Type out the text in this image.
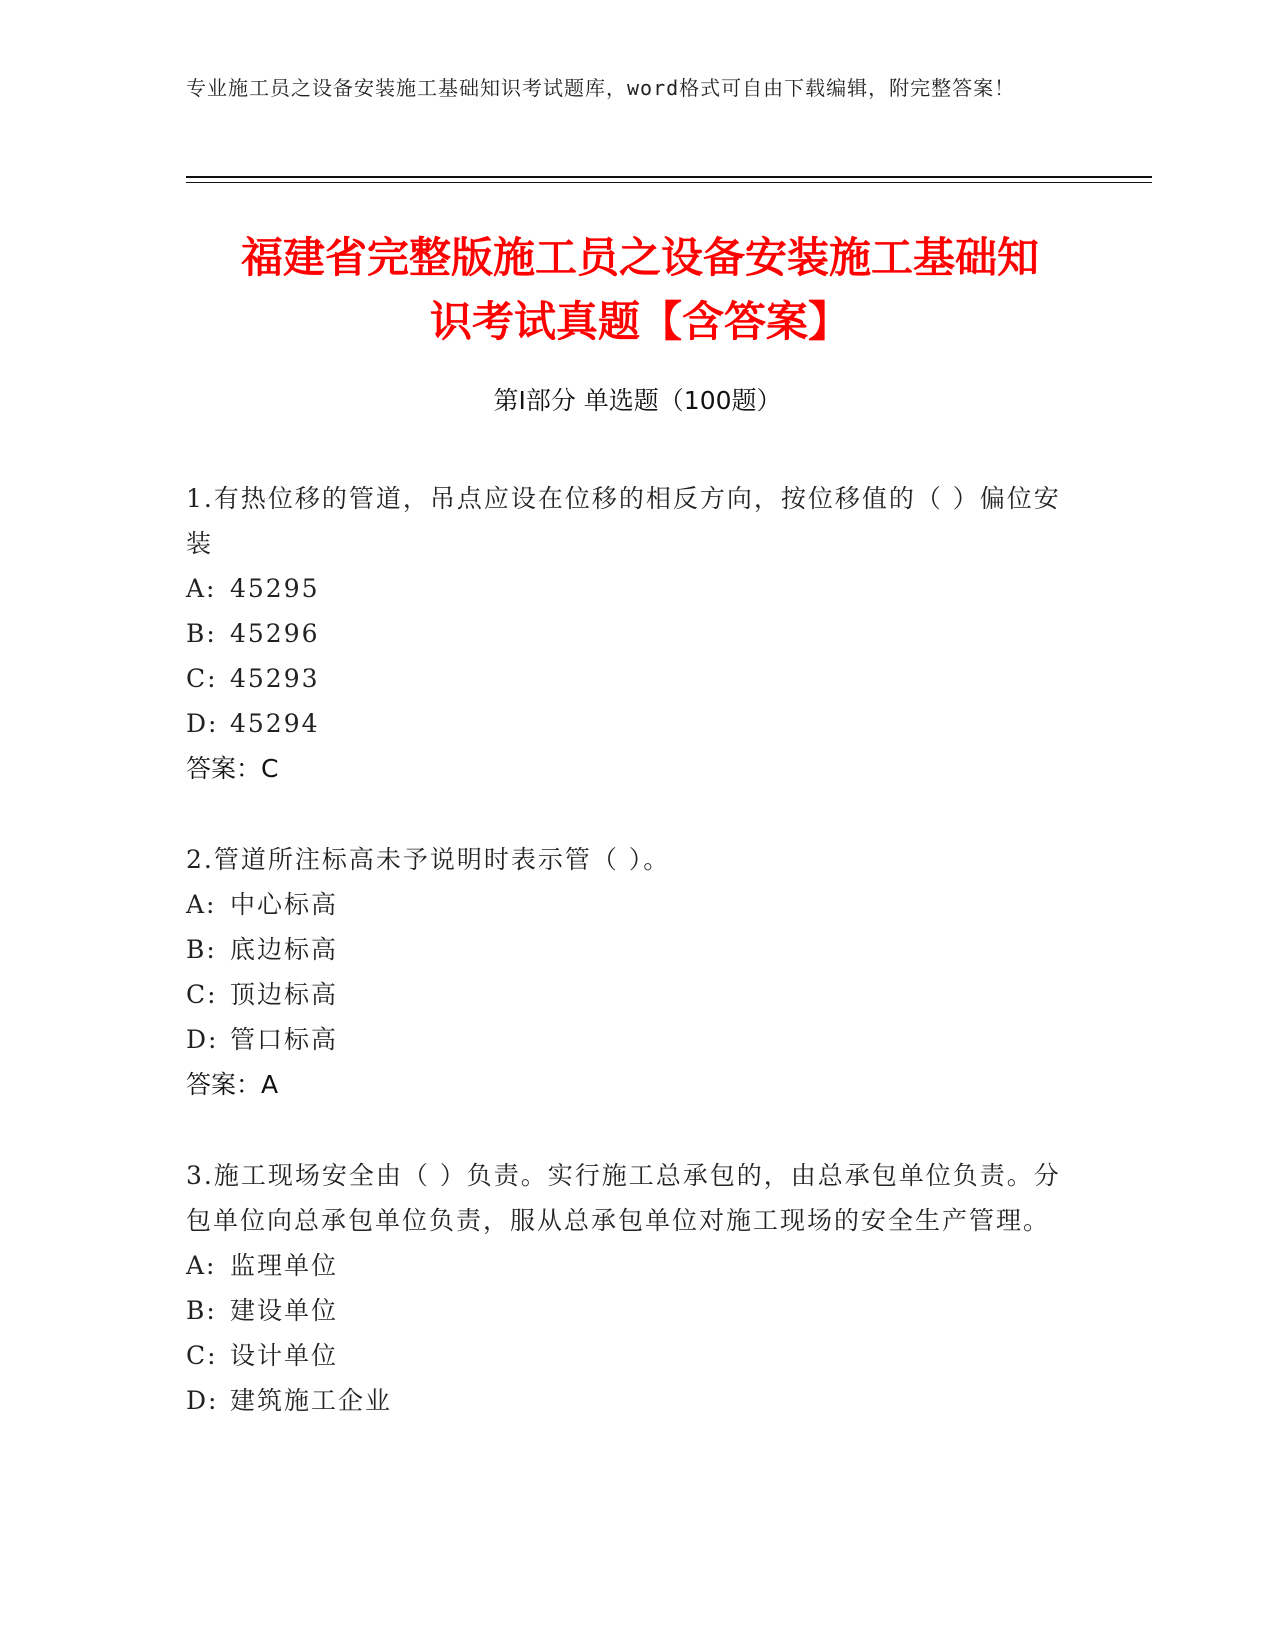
专业施工员之设备安装施工基础知识考试题库，word格式可自由下载编辑，附完整答案！
福建省完整版施工员之设备安装施工基础知
识考试真题【含答案】
第Ⅰ部分 单选题（100题）
1.有热位移的管道，吊点应设在位移的相反方向，按位移值的（ ）偏位安装
A: 45295
B: 45296
C: 45293
D: 45294
答案：C
2.管道所注标高未予说明时表示管（ ）。
A: 中心标高
B: 底边标高
C: 顶边标高
D: 管口标高
答案：A
3.施工现场安全由（ ）负责。实行施工总承包的，由总承包单位负责。分包单位向总承包单位负责，服从总承包单位对施工现场的安全生产管理。
A: 监理单位
B: 建设单位
C: 设计单位
D: 建筑施工企业
